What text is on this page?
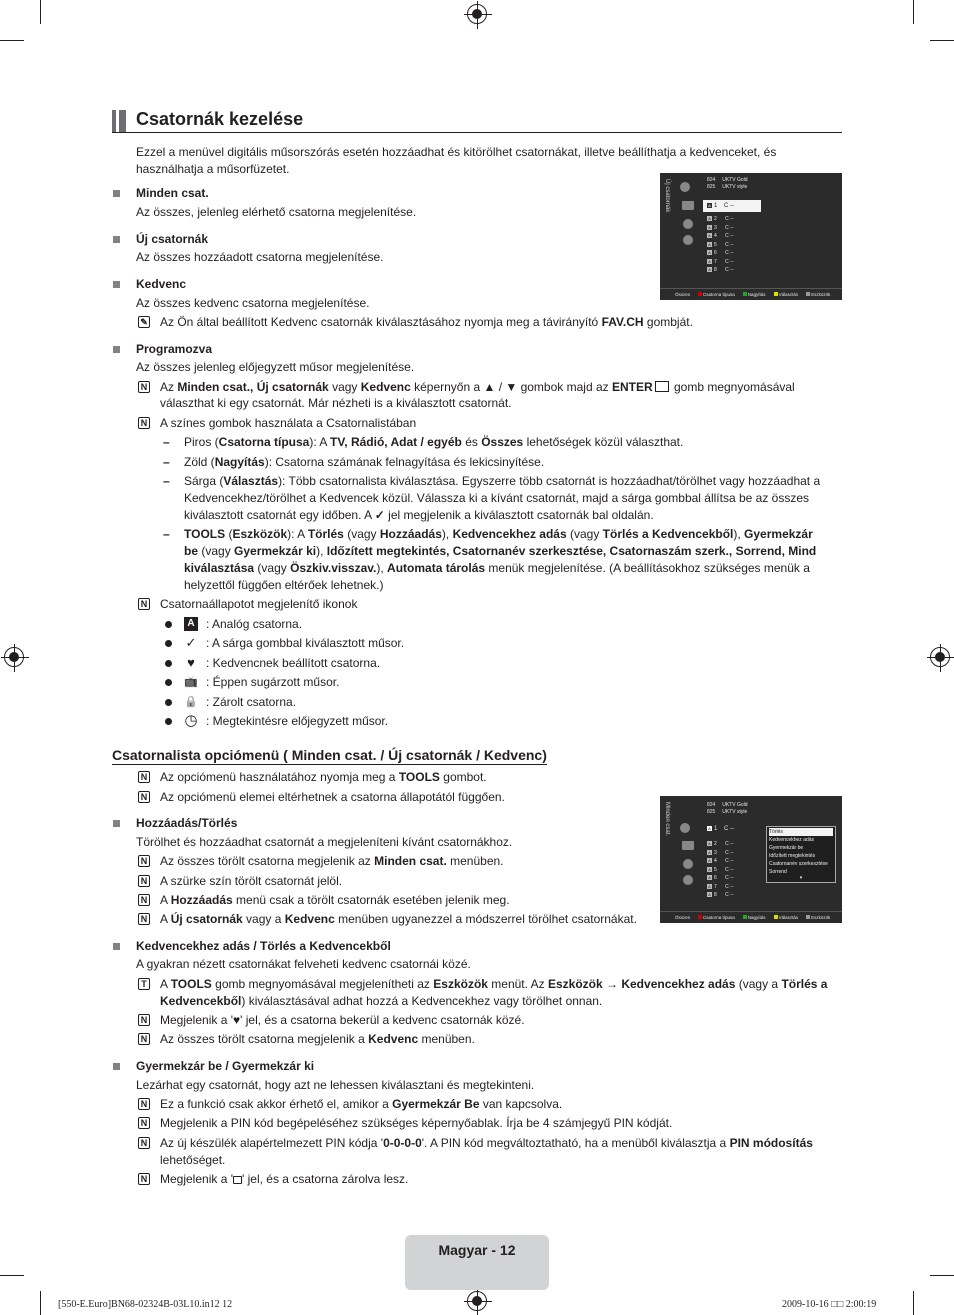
Csatornák kezelése
Ezzel a menüvel digitális műsorszórás esetén hozzáadhat és kitörölhet csatornákat, illetve beállíthatja a kedvenceket, és használhatja a műsorfüzetet.
Minden csat.
Az összes, jelenleg elérhető csatorna megjelenítése.
Új csatornák
Az összes hozzáadott csatorna megjelenítése.
Kedvenc
Az összes kedvenc csatorna megjelenítése.
✎ Az Ön által beállított Kedvenc csatornák kiválasztásához nyomja meg a távirányító FAV.CH gombját.
Programozva
Az összes jelenleg előjegyzett műsor megjelenítése.
N Az Minden csat., Új csatornák vagy Kedvenc képernyőn a ▲ / ▼ gombok majd az ENTER gomb megnyomásával
választhat ki egy csatornát. Már nézheti is a kiválasztott csatornát.
N A színes gombok használata a Csatornalistában
– Piros (Csatorna típusa): A TV, Rádió, Adat / egyéb és Összes lehetőségek közül választhat.
– Zöld (Nagyítás): Csatorna számának felnagyítása és lekicsinyítése.
– Sárga (Választás): Több csatornalista kiválasztása. Egyszerre több csatornát is hozzáadhat/törölhet vagy hozzáadhat a
Kedvencekhez/törölhet a Kedvencek közül. Válassza ki a kívánt csatornát, majd a sárga gombbal állítsa be az összes
kiválasztott csatornát egy időben. A ✓ jel megjelenik a kiválasztott csatornák bal oldalán.
– TOOLS (Eszközök): A Törlés (vagy Hozzáadás), Kedvencekhez adás (vagy Törlés a Kedvencekből), Gyermekzár
be (vagy Gyermekzár ki), Időzített megtekintés, Csatornanév szerkesztése, Csatornaszám szerk., Sorrend, Mind
kiválasztása (vagy Öszkiv.visszav.), Automata tárolás menük megjelenítése. (A beállításokhoz szükséges menük a
helyzettől függően eltérőek lehetnek.)
N Csatornaállapotot megjelenítő ikonok
A : Analóg csatorna.
✓ : A sárga gombbal kiválasztott műsor.
♥ : Kedvencnek beállított csatorna.
📺 : Éppen sugárzott műsor.
🔒 : Zárolt csatorna.
◷ : Megtekintésre előjegyzett műsor.
Csatornalista opciómenü ( Minden csat. / Új csatornák / Kedvenc)
N Az opciómenü használatához nyomja meg a TOOLS gombot.
N Az opciómenü elemei eltérhetnek a csatorna állapotától függően.
Hozzáadás/Törlés
Törölhet és hozzáadhat csatornát a megjeleníteni kívánt csatornákhoz.
N Az összes törölt csatorna megjelenik az Minden csat. menüben.
N A szürke szín törölt csatornát jelöl.
N A Hozzáadás menü csak a törölt csatornák esetében jelenik meg.
N A Új csatornák vagy a Kedvenc menüben ugyanezzel a módszerrel törölhet csatornákat.
Kedvencekhez adás / Törlés a Kedvencekből
A gyakran nézett csatornákat felveheti kedvenc csatornái közé.
T A TOOLS gomb megnyomásával megjelenítheti az Eszközök menüt. Az Eszközök → Kedvencekhez adás (vagy a Törlés a
Kedvencekből) kiválasztásával adhat hozzá a Kedvencekhez vagy törölhet onnan.
N Megjelenik a '♥' jel, és a csatorna bekerül a kedvenc csatornák közé.
N Az összes törölt csatorna megjelenik a Kedvenc menüben.
Gyermekzár be / Gyermekzár ki
Lezárhat egy csatornát, hogy azt ne lehessen kiválasztani és megtekinteni.
N Ez a funkció csak akkor érhető el, amikor a Gyermekzár Be van kapcsolva.
N Megjelenik a PIN kód begépeléséhez szükséges képernyőablak. Írja be 4 számjegyű PIN kódját.
N Az új készülék alapértelmezett PIN kódja '0-0-0-0'. A PIN kód megváltoztatható, ha a menüből kiválasztja a PIN módosítás
lehetőséget.
N Megjelenik a ' ' jel, és a csatorna zárolva lesz.
Új csatornák	824 UKTV Gold
825 UKTV style
A 1 C --
A 2 C --
A 3 C --
A 4 C --
A 5 C --
A 6 C --
A 7 C --
A 8 C --
Összes	Csatorna típusa	Nagyítás	Választás	Eszközök
Minden csat.	824 UKTV Gold
825 UKTV style
A 1 C --
A 2 C --
A 3 C --
A 4 C --
A 5 C --
A 6 C --
A 7 C --
A 8 C --
Törlés
Kedvencekhez adás
Gyermekzár be
Időzített megtekintés
Csatornanév szerkesztése
Sorrend
▾
Összes	Csatorna típusa	Nagyítás	Választás	Eszközök
Magyar - 12
[550-E.Euro]BN68-02324B-03L10.in12 12	2009-10-16 □□ 2:00:19
